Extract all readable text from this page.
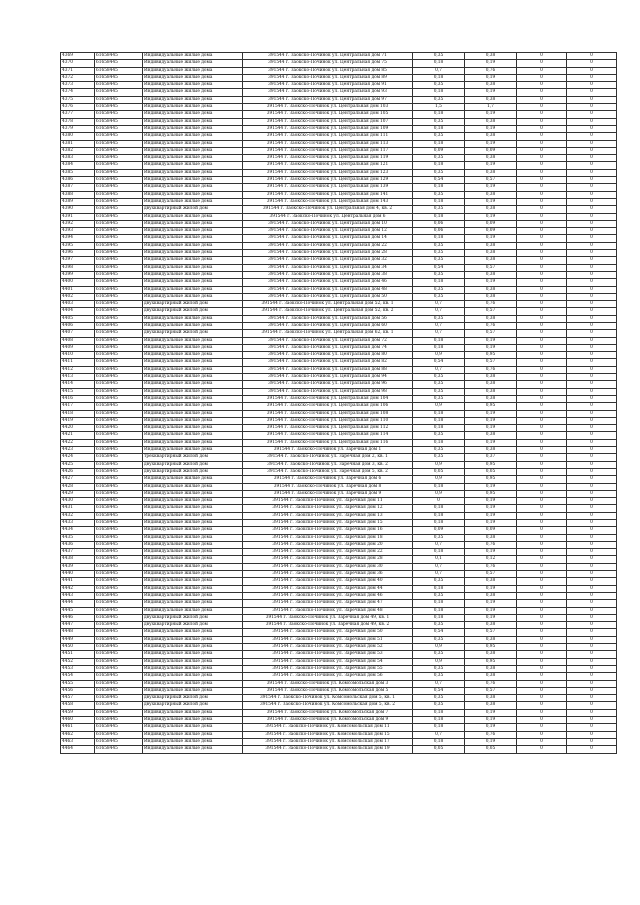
4369	61658445	Индивидуальные жилые дома	391544 г. Заокско-Починок ул. Центральная дом 71	0,35	0,38	0	0
4370	61658445	Индивидуальные жилые дома	391544 г. Заокско-Починок ул. Центральная дом 75	0,18	0,19	0	0
4371	61658445	Индивидуальные жилые дома	391544 г. Заокско-Починок ул. Центральная дом 85	0,7	0,76	0	0
4372	61658445	Индивидуальные жилые дома	391544 г. Заокско-Починок ул. Центральная дом 89	0,18	0,19	0	0
4373	61658445	Индивидуальные жилые дома	391544 г. Заокско-Починок ул. Центральная дом 91	0,35	0,38	0	0
4374	61658445	Индивидуальные жилые дома	391544 г. Заокско-Починок ул. Центральная дом 93	0,18	0,19	0	0
4375	61658445	Индивидуальные жилые дома	391544 г. Заокско-Починок ул. Центральная дом 97	0,35	0,38	0	0
4376	61658445	Индивидуальные жилые дома	391544 г. Заокско-Починок ул. Центральная дом 103	1,5	1,7	0	0
4377	61658445	Индивидуальные жилые дома	391544 г. Заокско-Починок ул. Центральная дом 105	0,18	0,19	0	0
4378	61658445	Индивидуальные жилые дома	391544 г. Заокско-Починок ул. Центральная дом 107	0,35	0,38	0	0
4379	61658445	Индивидуальные жилые дома	391544 г. Заокско-Починок ул. Центральная дом 109	0,18	0,19	0	0
4380	61658445	Индивидуальные жилые дома	391544 г. Заокско-Починок ул. Центральная дом 111	0,35	0,38	0	0
4381	61658445	Индивидуальные жилые дома	391544 г. Заокско-Починок ул. Центральная дом 113	0,18	0,19	0	0
4382	61658445	Индивидуальные жилые дома	391544 г. Заокско-Починок ул. Центральная дом 117	0,09	0,09	0	0
4383	61658445	Индивидуальные жилые дома	391544 г. Заокско-Починок ул. Центральная дом 119	0,35	0,38	0	0
4384	61658445	Индивидуальные жилые дома	391544 г. Заокско-Починок ул. Центральная дом 121	0,18	0,19	0	0
4385	61658445	Индивидуальные жилые дома	391544 г. Заокско-Починок ул. Центральная дом 123	0,35	0,38	0	0
4386	61658445	Индивидуальные жилые дома	391544 г. Заокско-Починок ул. Центральная дом 129	0,54	0,57	0	0
4387	61658445	Индивидуальные жилые дома	391544 г. Заокско-Починок ул. Центральная дом 139	0,18	0,19	0	0
4388	61658445	Индивидуальные жилые дома	391544 г. Заокско-Починок ул. Центральная дом 141	0,35	0,38	0	0
4389	61658445	Индивидуальные жилые дома	391544 г. Заокско-Починок ул. Центральная дом 143	0,18	0,19	0	0
4390	61658445	двухквартирный жилой дом	391544 г. Заокско-Починок ул. Центральная дом 4, кв. 2	0,35	0,38	0	0
4391	61658445	Индивидуальные жилые дома	391544 г. Заокско-Починок ул. Центральная дом 6	0,18	0,19	0	0
4392	61658445	Индивидуальные жилые дома	391544 г. Заокско-Починок ул. Центральная дом 10	0,06	0,09	0	0
4393	61658445	Индивидуальные жилые дома	391544 г. Заокско-Починок ул. Центральная дом 12	0,06	0,09	0	0
4394	61658445	Индивидуальные жилые дома	391544 г. Заокско-Починок ул. Центральная дом 14	0,18	0,19	0	0
4395	61658445	Индивидуальные жилые дома	391544 г. Заокско-Починок ул. Центральная дом 22	0,35	0,38	0	0
4396	61658445	Индивидуальные жилые дома	391544 г. Заокско-Починок ул. Центральная дом 28	0,35	0,38	0	0
4397	61658445	Индивидуальные жилые дома	391544 г. Заокско-Починок ул. Центральная дом 32	0,35	0,38	0	0
4398	61658445	Индивидуальные жилые дома	391544 г. Заокско-Починок ул. Центральная дом 34	0,54	0,57	0	0
4399	61658445	Индивидуальные жилые дома	391544 г. Заокско-Починок ул. Центральная дом 38	0,35	0,38	0	0
4400	61658445	Индивидуальные жилые дома	391544 г. Заокско-Починок ул. Центральная дом 46	0,18	0,19	0	0
4401	61658445	Индивидуальные жилые дома	391544 г. Заокско-Починок ул. Центральная дом 48	0,35	0,38	0	0
4402	61658445	Индивидуальные жилые дома	391544 г. Заокско-Починок ул. Центральная дом 50	0,35	0,38	0	0
4403	61658445	двухквартирный жилой дом	391544 г. Заокско-Починок ул. Центральная дом 52, кв. 1	0,7	0,76	0	0
4404	61658445	двухквартирный жилой дом	391544 г. Заокско-Починок ул. Центральная дом 52, кв. 2	0,7	0,57	0	0
4405	61658445	Индивидуальные жилые дома	391544 г. Заокско-Починок ул. Центральная дом 56	0,35	0,38	0	0
4406	61658445	Индивидуальные жилые дома	391544 г. Заокско-Починок ул. Центральная дом 60	0,7	0,76	0	0
4407	61658445	двухквартирный жилой дом	391544 г. Заокско-Починок ул. Центральная дом 62, кв. 1	0,7	0,57	0	0
4408	61658445	Индивидуальные жилые дома	391544 г. Заокско-Починок ул. Центральная дом 72	0,18	0,19	0	0
4409	61658445	Индивидуальные жилые дома	391544 г. Заокско-Починок ул. Центральная дом 74	0,18	0,19	0	0
4410	61658445	Индивидуальные жилые дома	391544 г. Заокско-Починок ул. Центральная дом 80	0,9	0,95	0	0
4411	61658445	Индивидуальные жилые дома	391544 г. Заокско-Починок ул. Центральная дом 82	0,54	0,57	0	0
4412	61658445	Индивидуальные жилые дома	391544 г. Заокско-Починок ул. Центральная дом 88	0,7	0,76	0	0
4413	61658445	Индивидуальные жилые дома	391544 г. Заокско-Починок ул. Центральная дом 94	0,35	0,38	0	0
4414	61658445	Индивидуальные жилые дома	391544 г. Заокско-Починок ул. Центральная дом 96	0,35	0,38	0	0
4415	61658445	Индивидуальные жилые дома	391544 г. Заокско-Починок ул. Центральная дом 98	0,35	0,38	0	0
4416	61658445	Индивидуальные жилые дома	391544 г. Заокско-Починок ул. Центральная дом 104	0,35	0,38	0	0
4417	61658445	Индивидуальные жилые дома	391544 г. Заокско-Починок ул. Центральная дом 106	0,9	0,95	0	0
4418	61658445	Индивидуальные жилые дома	391544 г. Заокско-Починок ул. Центральная дом 108	0,18	0,19	0	0
4419	61658445	Индивидуальные жилые дома	391544 г. Заокско-Починок ул. Центральная дом 110	0,18	0,19	0	0
4420	61658445	Индивидуальные жилые дома	391544 г. Заокско-Починок ул. Центральная дом 112	0,18	0,19	0	0
4421	61658445	Индивидуальные жилые дома	391544 г. Заокско-Починок ул. Центральная дом 114	0,35	0,38	0	0
4422	61658445	Индивидуальные жилые дома	391544 г. Заокско-Починок ул. Центральная дом 116	0,18	0,19	0	0
4423	61658445	Индивидуальные жилые дома	391544 г. Заокско-Починок ул. Заречная дом 1	0,35	0,38	0	0
4424	61658445	трехквартирный жилой дом	391544 г. Заокско-Починок ул. Заречная дом 2, кв. 1	0,35	0,37	0	0
4425	61658445	двухквартирный жилой дом	391544 г. Заокско-Починок ул. Заречная дом 3, кв. 2	0,9	0,95	0	0
4426	61658445	двухквартирный жилой дом	391544 г. Заокско-Починок ул. Заречная дом 5, кв. 2	0,05	0,05	0	0
4427	61658445	Индивидуальные жилые дома	391544 г. Заокско-Починок ул. Заречная дом 6	0,9	0,95	0	0
4428	61658445	Индивидуальные жилые дома	391544 г. Заокско-Починок ул. Заречная дом 8	0,18	0,19	0	0
4429	61658445	Индивидуальные жилые дома	391544 г. Заокско-Починок ул. Заречная дом 9	0,9	0,95	0	0
4430	61658445	Индивидуальные жилые дома	391544 г. Заокско-Починок ул. Заречная дом 11	0	0,19	0	0
4431	61658445	Индивидуальные жилые дома	391544 г. Заокско-Починок ул. Заречная дом 12	0,18	0,19	0	0
4432	61658445	Индивидуальные жилые дома	391544 г. Заокско-Починок ул. Заречная дом 13	0,18	0,19	0	0
4433	61658445	Индивидуальные жилые дома	391544 г. Заокско-Починок ул. Заречная дом 15	0,18	0,19	0	0
4434	61658445	Индивидуальные жилые дома	391544 г. Заокско-Починок ул. Заречная дом 16	0,09	0,09	0	0
4435	61658445	Индивидуальные жилые дома	391544 г. Заокско-Починок ул. Заречная дом 18	0,35	0,38	0	0
4436	61658445	Индивидуальные жилые дома	391544 г. Заокско-Починок ул. Заречная дом 20	0,7	0,76	0	0
4437	61658445	Индивидуальные жилые дома	391544 г. Заокско-Починок ул. Заречная дом 22	0,18	0,19	0	0
4438	61658445	Индивидуальные жилые дома	391544 г. Заокско-Починок ул. Заречная дом 28	0,1	0,12	0	0
4439	61658445	Индивидуальные жилые дома	391544 г. Заокско-Починок ул. Заречная дом 30	0,7	0,76	0	0
4440	61658445	Индивидуальные жилые дома	391544 г. Заокско-Починок ул. Заречная дом 36	0,7	0,57	0	0
4441	61658445	Индивидуальные жилые дома	391544 г. Заокско-Починок ул. Заречная дом 40	0,35	0,38	0	0
4442	61658445	Индивидуальные жилые дома	391544 г. Заокско-Починок ул. Заречная дом 44	0,18	0,19	0	0
4443	61658445	Индивидуальные жилые дома	391544 г. Заокско-Починок ул. Заречная дом 46	0,35	0,38	0	0
4444	61658445	Индивидуальные жилые дома	391544 г. Заокско-Починок ул. Заречная дом 47	0,18	0,19	0	0
4445	61658445	Индивидуальные жилые дома	391544 г. Заокско-Починок ул. Заречная дом 48	0,18	0,19	0	0
4446	61658445	двухквартирный жилой дом	391544 г. Заокско-Починок ул. Заречная дом 49, кв. 1	0,18	0,19	0	0
4447	61658445	двухквартирный жилой дом	391544 г. Заокско-Починок ул. Заречная дом 49, кв. 2	0,35	0,38	0	0
4448	61658445	Индивидуальные жилые дома	391544 г. Заокско-Починок ул. Заречная дом 50	0,54	0,57	0	0
4449	61658445	Индивидуальные жилые дома	391544 г. Заокско-Починок ул. Заречная дом 51	0,35	0,38	0	0
4450	61658445	Индивидуальные жилые дома	391544 г. Заокско-Починок ул. Заречная дом 52	0,9	0,95	0	0
4451	61658445	Индивидуальные жилые дома	391544 г. Заокско-Починок ул. Заречная дом 53	0,35	0,38	0	0
4452	61658445	Индивидуальные жилые дома	391544 г. Заокско-Починок ул. Заречная дом 54	0,9	0,95	0	0
4453	61658445	Индивидуальные жилые дома	391544 г. Заокско-Починок ул. Заречная дом 55	0,35	0,38	0	0
4454	61658445	Индивидуальные жилые дома	391544 г. Заокско-Починок ул. Заречная дом 56	0,35	0,38	0	0
4455	61658445	Индивидуальные жилые дома	391544 г. Заокско-Починок ул. Комсомольская дом 3	0,7	0,76	0	0
4456	61658445	Индивидуальные жилые дома	391544 г. Заокско-Починок ул. Комсомольская дом 5	0,54	0,57	0	0
4457	61658445	двухквартирный жилой дом	391544 г. Заокско-Починок ул. Комсомольская дом 5, кв. 1	0,35	0,38	0	0
4458	61658445	двухквартирный жилой дом	391544 г. Заокско-Починок ул. Комсомольская дом 5, кв. 2	0,35	0,38	0	0
4459	61658445	Индивидуальные жилые дома	391544 г. Заокско-Починок ул. Комсомольская дом 7	0,18	0,19	0	0
4460	61658445	Индивидуальные жилые дома	391544 г. Заокско-Починок ул. Комсомольская дом 9	0,18	0,19	0	0
4461	61658445	Индивидуальные жилые дома	391544 г. Заокско-Починок ул. Комсомольская дом 11	0,18	0,19	0	0
4462	61658445	Индивидуальные жилые дома	391544 г. Заокско-Починок ул. Комсомольская дом 15	0,7	0,76	0	0
4463	61658445	Индивидуальные жилые дома	391544 г. Заокско-Починок ул. Комсомольская дом 17	0,18	0,19	0	0
4464	61658445	Индивидуальные жилые дома	391544 г. Заокско-Починок ул. Комсомольская дом 19	0,05	0,05	0	0
